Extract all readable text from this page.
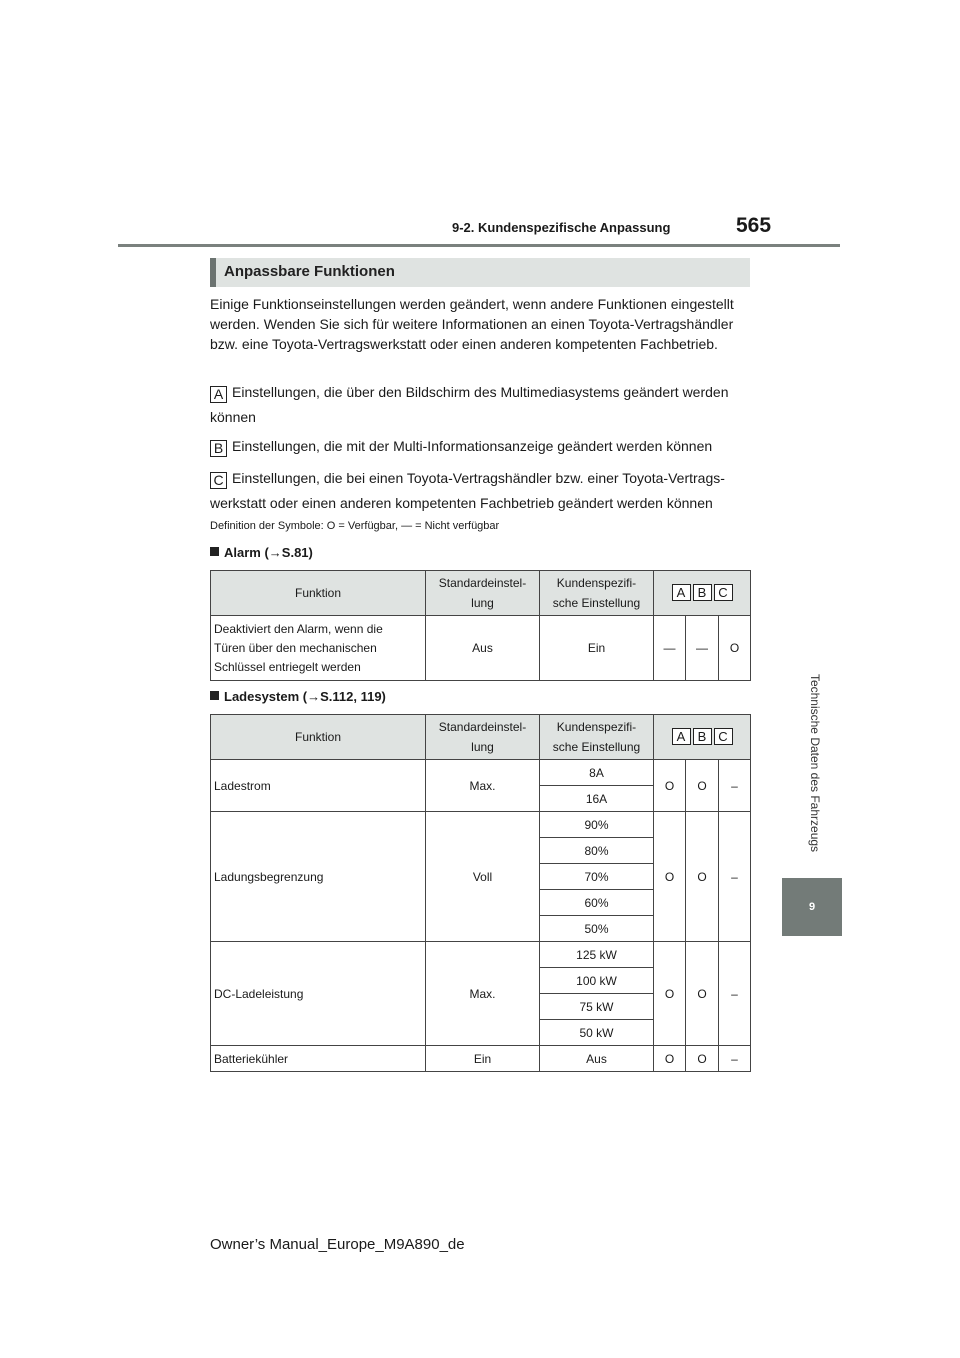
565
9-2. Kundenspezifische Anpassung
Technische Daten des Fahrzeugs
9
Anpassbare Funktionen

Einige Funktionseinstellungen werden geändert, wenn andere Funktionen eingestellt werden. Wenden Sie sich für weitere Informationen an einen Toyota-Vertragshändler bzw. eine Toyota-Vertragswerkstatt oder einen anderen kompetenten Fachbetrieb.

A Einstellungen, die über den Bildschirm des Multimediasystems geändert werden
können
B Einstellungen, die mit der Multi-Informationsanzeige geändert werden können
C Einstellungen, die bei einen Toyota-Vertragshändler bzw. einer Toyota-Vertrags-
werkstatt oder einen anderen kompetenten Fachbetrieb geändert werden können
Definition der Symbole: O = Verfügbar, — = Nicht verfügbar
Alarm (→S.81)
Funktion	Standardeinstel-
lung	Kundenspezifi-
sche Einstellung	A B C		
Deaktiviert den Alarm, wenn die
Türen über den mechanischen
Schlüssel entriegelt werden	Aus	Ein	—	—	O
Ladesystem (→S.112, 119)
Funktion	Standardeinstel-
lung	Kundenspezifi-
sche Einstellung	A B C		
Ladestrom	Max.	8A	O	O	–
		16A			
Ladungsbegrenzung	Voll	90%	O	O	–
		80%			
		70%			
		60%			
		50%			
DC-Ladeleistung	Max.	125 kW	O	O	–
		100 kW			
		75 kW			
		50 kW			
Batteriekühler	Ein	Aus	O	O	–
Owner’s Manual_Europe_M9A890_de
